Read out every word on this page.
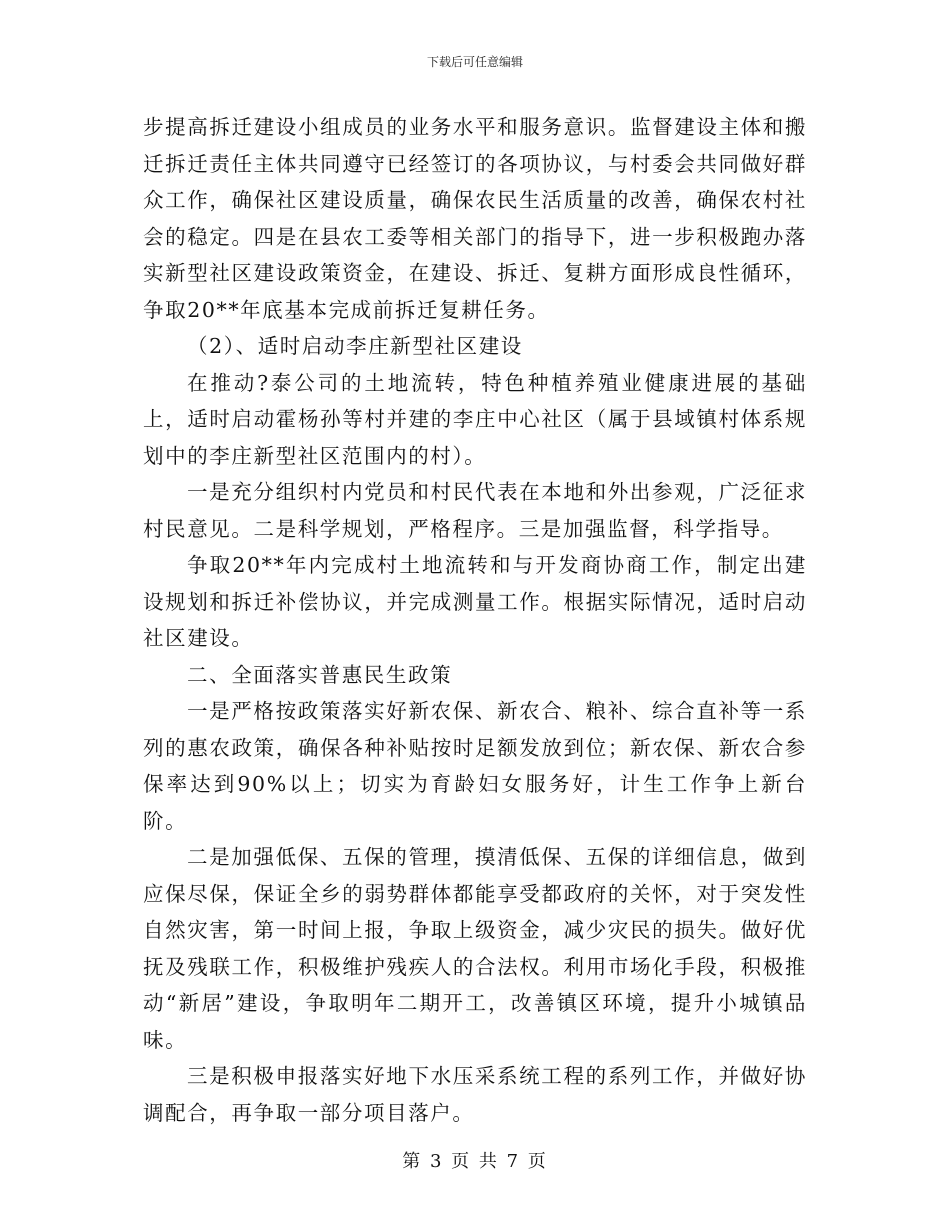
下载后可任意编辑

步提高拆迁建设小组成员的业务水平和服务意识。监督建设主体和搬迁拆迁责任主体共同遵守已经签订的各项协议，与村委会共同做好群众工作，确保社区建设质量，确保农民生活质量的改善，确保农村社会的稳定。四是在县农工委等相关部门的指导下，进一步积极跑办落实新型社区建设政策资金，在建设、拆迁、复耕方面形成良性循环，争取20**年底基本完成前拆迁复耕任务。

（2）、适时启动李庄新型社区建设

在推动?泰公司的土地流转，特色种植养殖业健康进展的基础上，适时启动霍杨孙等村并建的李庄中心社区（属于县域镇村体系规划中的李庄新型社区范围内的村）。

一是充分组织村内党员和村民代表在本地和外出参观，广泛征求村民意见。二是科学规划，严格程序。三是加强监督，科学指导。

争取20**年内完成村土地流转和与开发商协商工作，制定出建设规划和拆迁补偿协议，并完成测量工作。根据实际情况，适时启动社区建设。

二、全面落实普惠民生政策

一是严格按政策落实好新农保、新农合、粮补、综合直补等一系列的惠农政策，确保各种补贴按时足额发放到位；新农保、新农合参保率达到90%以上；切实为育龄妇女服务好，计生工作争上新台阶。

二是加强低保、五保的管理，摸清低保、五保的详细信息，做到应保尽保，保证全乡的弱势群体都能享受都政府的关怀，对于突发性自然灾害，第一时间上报，争取上级资金，减少灾民的损失。做好优抚及残联工作，积极维护残疾人的合法权。利用市场化手段，积极推动“新居”建设，争取明年二期开工，改善镇区环境，提升小城镇品味。

三是积极申报落实好地下水压采系统工程的系列工作，并做好协调配合，再争取一部分项目落户。

第 3 页 共 7 页
